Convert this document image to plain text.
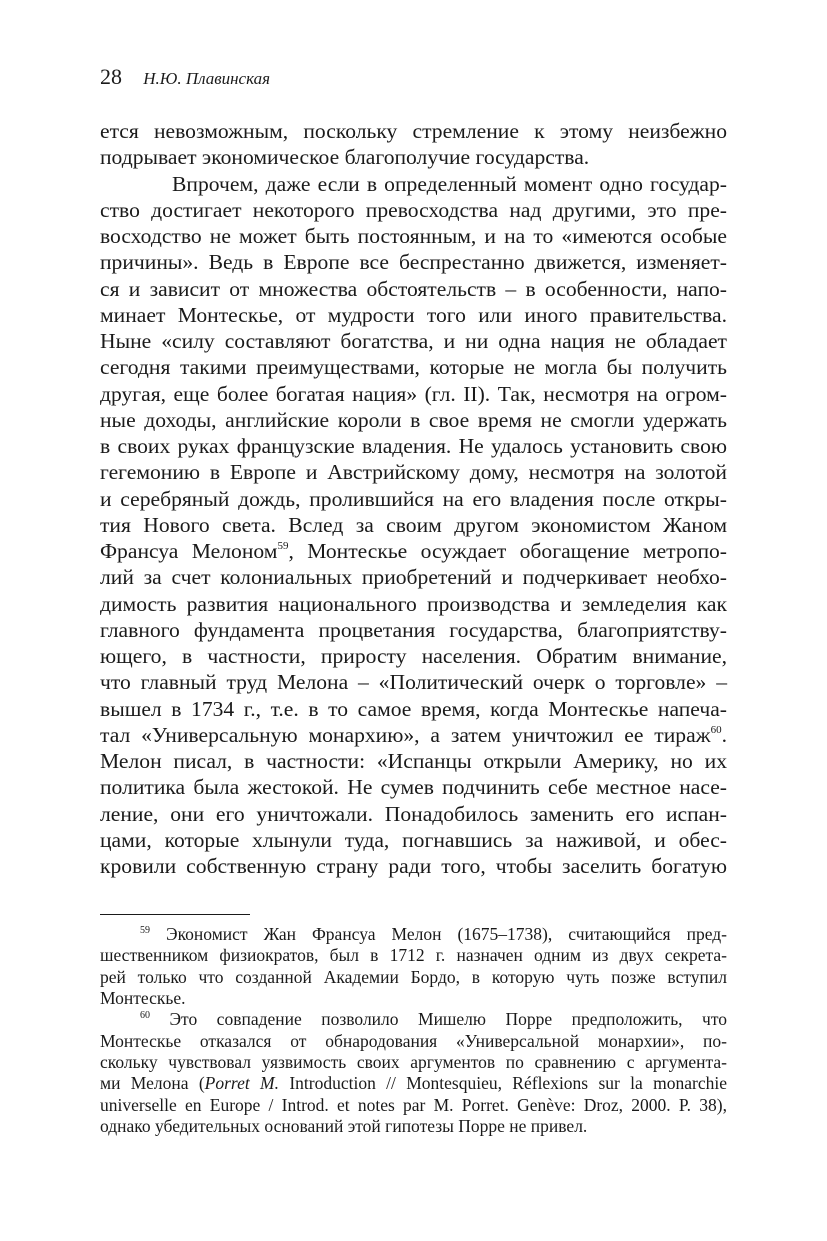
28 Н.Ю. Плавинская
ется невозможным, поскольку стремление к этому неизбежно
подрывает экономическое благополучие государства.
Впрочем, даже если в определенный момент одно государ-
ство достигает некоторого превосходства над другими, это пре-
восходство не может быть постоянным, и на то «имеются особые
причины». Ведь в Европе все беспрестанно движется, изменяет-
ся и зависит от множества обстоятельств – в особенности, напо-
минает Монтескье, от мудрости того или иного правительства.
Ныне «силу составляют богатства, и ни одна нация не обладает
сегодня такими преимуществами, которые не могла бы получить
другая, еще более богатая нация» (гл. II). Так, несмотря на огром-
ные доходы, английские короли в свое время не смогли удержать
в своих руках французские владения. Не удалось установить свою
гегемонию в Европе и Австрийскому дому, несмотря на золотой
и серебряный дождь, пролившийся на его владения после откры-
тия Нового света. Вслед за своим другом экономистом Жаном
Франсуа Мелоном$^{59}$, Монтескье осуждает обогащение метропо-
лий за счет колониальных приобретений и подчеркивает необхо-
димость развития национального производства и земледелия как
главного фундамента процветания государства, благоприятству-
ющего, в частности, приросту населения. Обратим внимание,
что главный труд Мелона – «Политический очерк о торговле» –
вышел в 1734 г., т.е. в то самое время, когда Монтескье напеча-
тал «Универсальную монархию», а затем уничтожил ее тираж$^{60}$.
Мелон писал, в частности: «Испанцы открыли Америку, но их
политика была жестокой. Не сумев подчинить себе местное насе-
ление, они его уничтожали. Понадобилось заменить его испан-
цами, которые хлынули туда, погнавшись за наживой, и обес-
кровили собственную страну ради того, чтобы заселить богатую
$^{59}$ Экономист Жан Франсуа Мелон (1675–1738), считающийся пред-
шественником физиократов, был в 1712 г. назначен одним из двух секрета-
рей только что созданной Академии Бордо, в которую чуть позже вступил
Монтескье.
$^{60}$ Это совпадение позволило Мишелю Порре предположить, что
Монтескье отказался от обнародования «Универсальной монархии», по-
скольку чувствовал уязвимость своих аргументов по сравнению с аргумента-
ми Мелона (Porret M. Introduction // Montesquieu, Réflexions sur la monarchie
universelle en Europe / Introd. et notes par M. Porret. Genève: Droz, 2000. P. 38),
однако убедительных оснований этой гипотезы Порре не привел.
